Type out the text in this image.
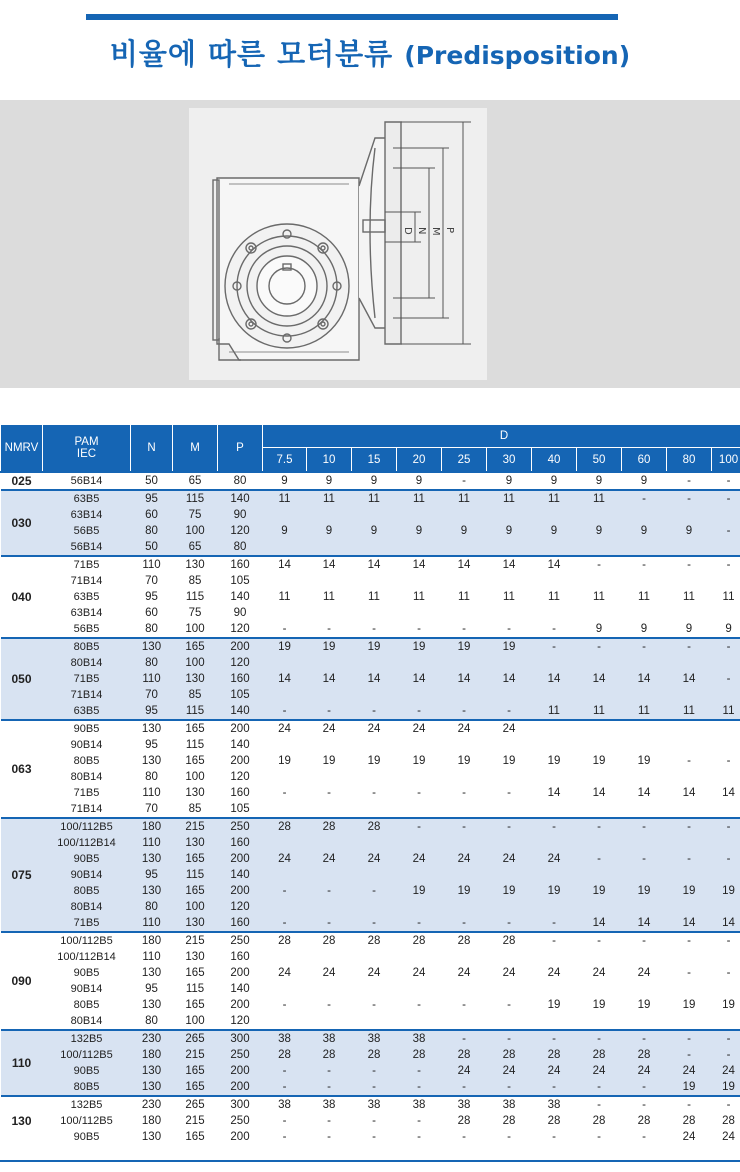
비율에 따른 모터분류 (Predisposition)
D N M P
NMRV	PAM
IEC	N	M	P	D										
					7.5	10	15	20	25	30	40	50	60	80	100
025	56B14	50	65	80	9	9	9	9	-	9	9	9	9	-	-
030	63B5	95	115	140	11	11	11	11	11	11	11	11	-	-	-
	63B14	60	75	90											
	56B5	80	100	120	9	9	9	9	9	9	9	9	9	9	-
	56B14	50	65	80											
040	71B5	110	130	160	14	14	14	14	14	14	14	-	-	-	-
	71B14	70	85	105											
	63B5	95	115	140	11	11	11	11	11	11	11	11	11	11	11
	63B14	60	75	90											
	56B5	80	100	120	-	-	-	-	-	-	-	9	9	9	9
050	80B5	130	165	200	19	19	19	19	19	19	-	-	-	-	-
	80B14	80	100	120											
	71B5	110	130	160	14	14	14	14	14	14	14	14	14	14	-
	71B14	70	85	105											
	63B5	95	115	140	-	-	-	-	-	-	11	11	11	11	11
063	90B5	130	165	200	24	24	24	24	24	24					
	90B14	95	115	140											
	80B5	130	165	200	19	19	19	19	19	19	19	19	19	-	-
	80B14	80	100	120											
	71B5	110	130	160	-	-	-	-	-	-	14	14	14	14	14
	71B14	70	85	105											
075	100/112B5	180	215	250	28	28	28	-	-	-	-	-	-	-	-
	100/112B14	110	130	160											
	90B5	130	165	200	24	24	24	24	24	24	24	-	-	-	-
	90B14	95	115	140											
	80B5	130	165	200	-	-	-	19	19	19	19	19	19	19	19
	80B14	80	100	120											
	71B5	110	130	160	-	-	-	-	-	-	-	14	14	14	14
090	100/112B5	180	215	250	28	28	28	28	28	28	-	-	-	-	-
	100/112B14	110	130	160											
	90B5	130	165	200	24	24	24	24	24	24	24	24	24	-	-
	90B14	95	115	140											
	80B5	130	165	200	-	-	-	-	-	-	19	19	19	19	19
	80B14	80	100	120											
110	132B5	230	265	300	38	38	38	38	-	-	-	-	-	-	-
	100/112B5	180	215	250	28	28	28	28	28	28	28	28	28	-	-
	90B5	130	165	200	-	-	-	-	24	24	24	24	24	24	24
	80B5	130	165	200	-	-	-	-	-	-	-	-	-	19	19
130	132B5	230	265	300	38	38	38	38	38	38	38	-	-	-	-
	100/112B5	180	215	250	-	-	-	-	28	28	28	28	28	28	28
	90B5	130	165	200	-	-	-	-	-	-	-	-	-	24	24
